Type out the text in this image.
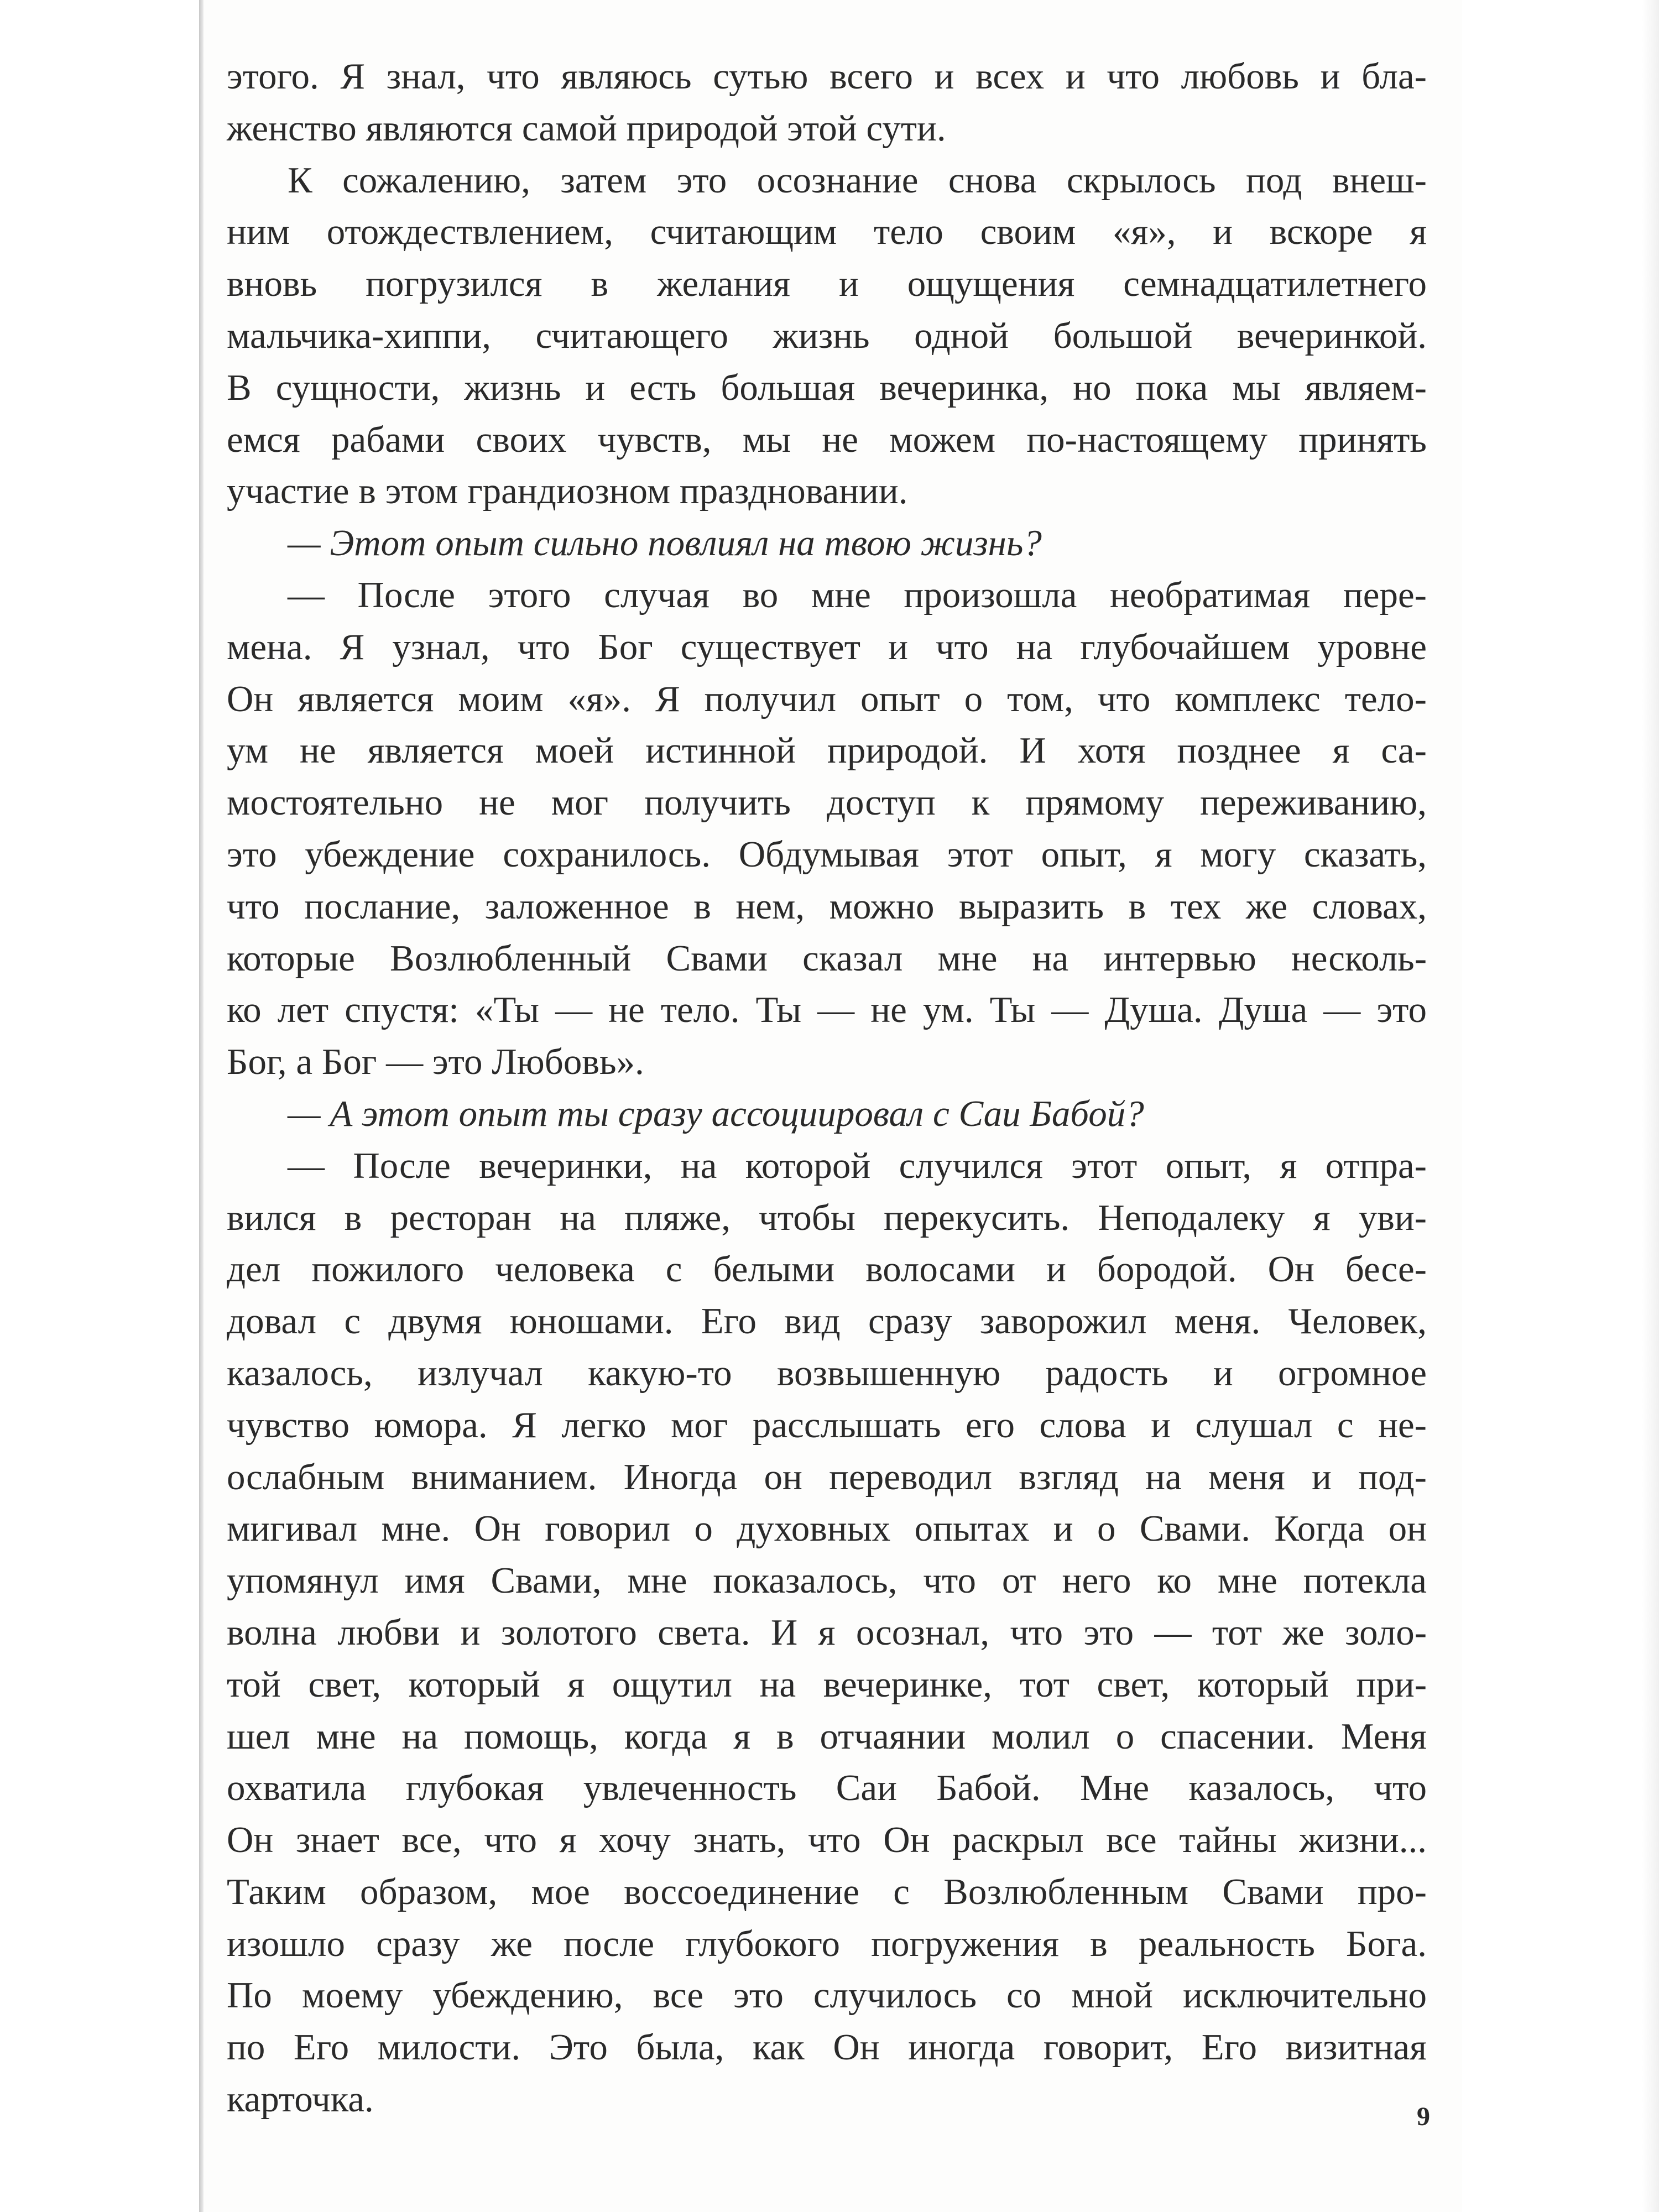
этого. Я знал, что являюсь сутью всего и всех и что любовь и бла-
женство являются самой природой этой сути.
К сожалению, затем это осознание снова скрылось под внеш-
ним отождествлением, считающим тело своим «я», и вскоре я
вновь погрузился в желания и ощущения семнадцатилетнего
мальчика-хиппи, считающего жизнь одной большой вечеринкой.
В сущности, жизнь и есть большая вечеринка, но пока мы являем-
емся рабами своих чувств, мы не можем по-настоящему принять
участие в этом грандиозном праздновании.
— Этот опыт сильно повлиял на твою жизнь?
— После этого случая во мне произошла необратимая пере-
мена. Я узнал, что Бог существует и что на глубочайшем уровне
Он является моим «я». Я получил опыт о том, что комплекс тело-
ум не является моей истинной природой. И хотя позднее я са-
мостоятельно не мог получить доступ к прямому переживанию,
это убеждение сохранилось. Обдумывая этот опыт, я могу сказать,
что послание, заложенное в нем, можно выразить в тех же словах,
которые Возлюбленный Свами сказал мне на интервью несколь-
ко лет спустя: «Ты — не тело. Ты — не ум. Ты — Душа. Душа — это
Бог, а Бог — это Любовь».
— А этот опыт ты сразу ассоциировал с Саи Бабой?
— После вечеринки, на которой случился этот опыт, я отпра-
вился в ресторан на пляже, чтобы перекусить. Неподалеку я уви-
дел пожилого человека с белыми волосами и бородой. Он бесе-
довал с двумя юношами. Его вид сразу заворожил меня. Человек,
казалось, излучал какую-то возвышенную радость и огромное
чувство юмора. Я легко мог расслышать его слова и слушал с не-
ослабным вниманием. Иногда он переводил взгляд на меня и под-
мигивал мне. Он говорил о духовных опытах и о Свами. Когда он
упомянул имя Свами, мне показалось, что от него ко мне потекла
волна любви и золотого света. И я осознал, что это — тот же золо-
той свет, который я ощутил на вечеринке, тот свет, который при-
шел мне на помощь, когда я в отчаянии молил о спасении. Меня
охватила глубокая увлеченность Саи Бабой. Мне казалось, что
Он знает все, что я хочу знать, что Он раскрыл все тайны жизни...
Таким образом, мое воссоединение с Возлюбленным Свами про-
изошло сразу же после глубокого погружения в реальность Бога.
По моему убеждению, все это случилось со мной исключительно
по Его милости. Это была, как Он иногда говорит, Его визитная
карточка.	9
